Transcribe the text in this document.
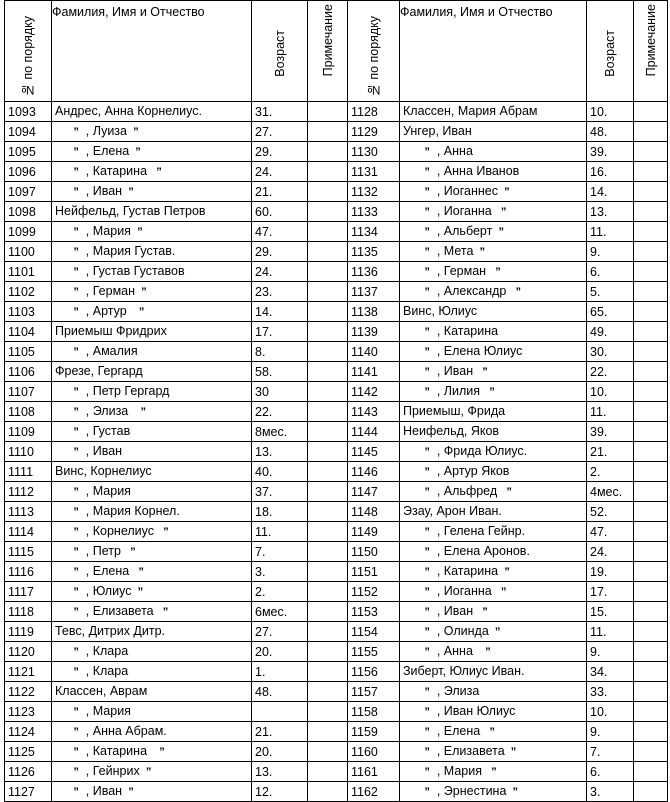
№ по порядку	Фамилия, Имя и Отчество	Возраст	Примечание	№ по порядку	Фамилия, Имя и Отчество	Возраст	Примечание

1093	Андрес, Анна Корнелиус.	31.		1128	Классен, Мария Абрам	10.	
1094	”  , Луиза  ”	27.		1129	Унгер, Иван	48.	
1095	”  , Елена  ”	29.		1130	”  , Анна	39.	
1096	”  , Катарина   ”	24.		1131	”  , Анна Иванов	16.	
1097	”  , Иван  ”	21.		1132	”  , Иоганнес  ”	14.	
1098	Нейфельд, Густав Петров	60.		1133	”  , Иоганна   ”	13.	
1099	”  , Мария  ”	47.		1134	”  , Альберт  ”	11.	
1100	”  , Мария Густав.	29.		1135	”  , Мета  ”	9.	
1101	”  , Густав Густавов	24.		1136	”  , Герман   ”	6.	
1102	”  , Герман  ”	23.		1137	”  , Александр   ”	5.	
1103	”  , Артур    ”	14.		1138	Винс, Юлиус	65.	
1104	Приемыш Фридрих	17.		1139	”  , Катарина	49.	
1105	”  , Амалия	8.		1140	”  , Елена Юлиус	30.	
1106	Фрезе, Гергард	58.		1141	”  , Иван   ”	22.	
1107	”  , Петр Гергард	30		1142	”  , Лилия   ”	10.	
1108	”  , Элиза    ”	22.		1143	Приемыш, Фрида	11.	
1109	”  , Густав	8мес.		1144	Неифельд, Яков	39.	
1110	”  , Иван	13.		1145	”  , Фрида Юлиус.	21.	
1111	Винс, Корнелиус	40.		1146	”  , Артур Яков	2.	
1112	”  , Мария	37.		1147	”  , Альфред   ”	4мес.	
1113	”  , Мария Корнел.	18.		1148	Эзау, Арон Иван.	52.	
1114	”  , Корнелиус   ”	11.		1149	”  , Гелена Гейнр.	47.	
1115	”  , Петр   ”	7.		1150	”  , Елена Аронов.	24.	
1116	”  , Елена   ”	3.		1151	”  , Катарина  ”	19.	
1117	”  , Юлиус  ”	2.		1152	”  , Иоганна   ”	17.	
1118	”  , Елизавета   ”	6мес.		1153	”  , Иван   ”	15.	
1119	Тевс, Дитрих Дитр.	27.		1154	”  , Олинда  ”	11.	
1120	”  , Клара	20.		1155	”  , Анна    ”	9.	
1121	”  , Клара	1.		1156	Зиберт, Юлиус Иван.	34.	
1122	Классен, Аврам	48.		1157	”  , Элиза	33.	
1123	”  , Мария			1158	”  , Иван Юлиус	10.	
1124	”  , Анна Абрам.	21.		1159	”  , Елена   ”	9.	
1125	”  , Катарина    ”	20.		1160	”  , Елизавета  ”	7.	
1126	”  , Гейнрих  ”	13.		1161	”  , Мария   ”	6.	
1127	”  , Иван  ”	12.		1162	”  , Эрнестина  ”	3.	
